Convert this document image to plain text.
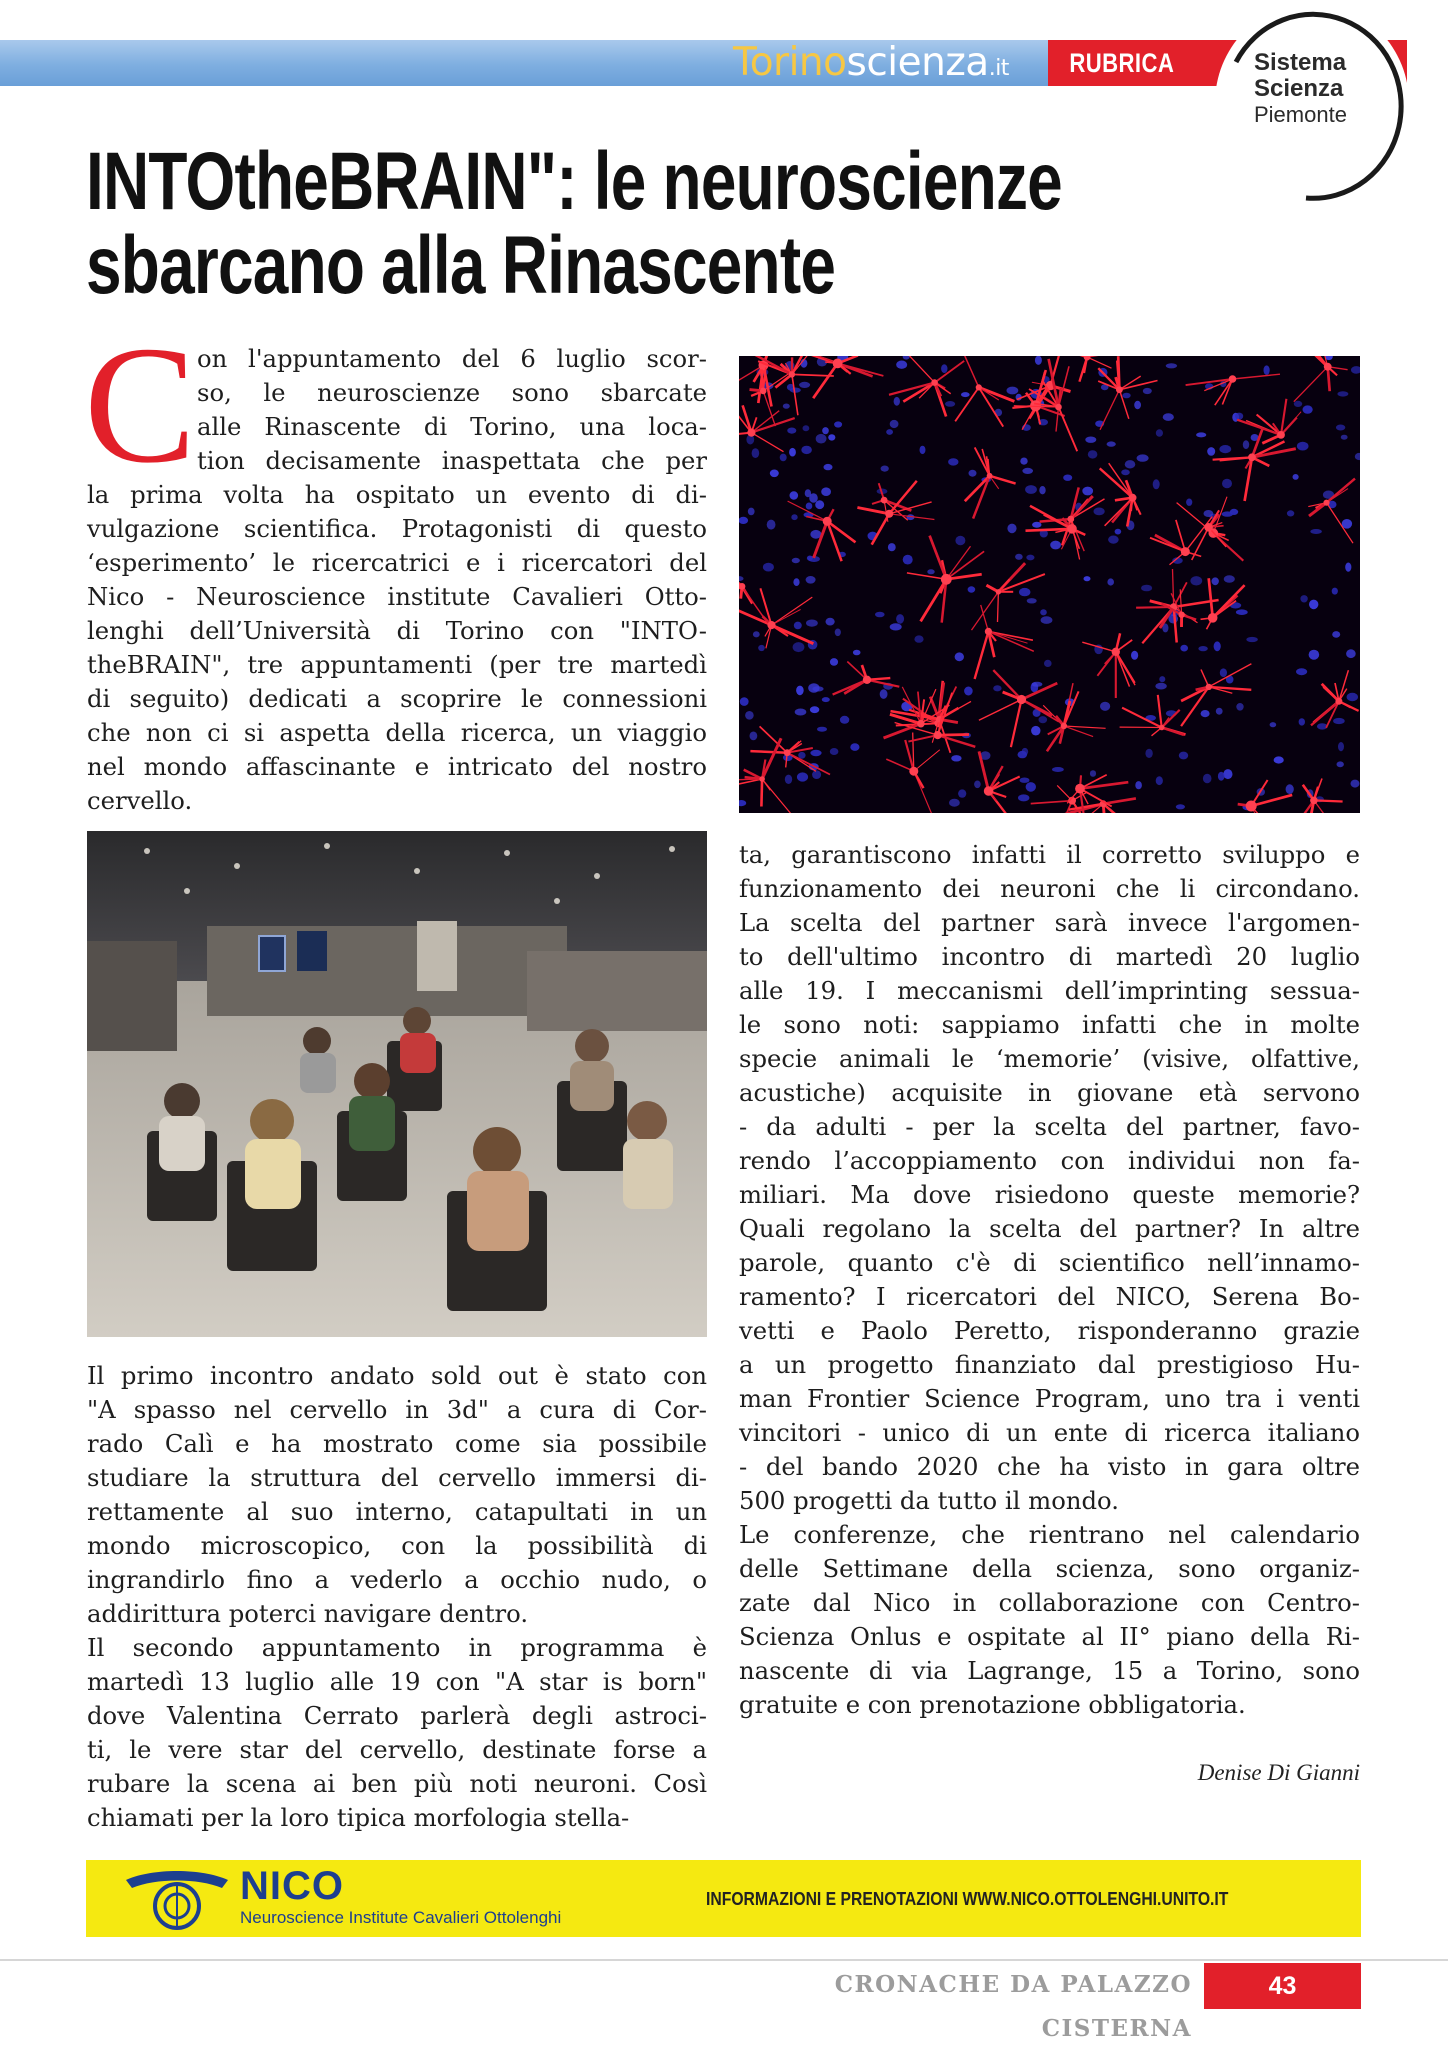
Torinoscienza.it	RUBRICA	Sistema
Scienza
Piemonte
INTOtheBRAIN": le neuroscienze
sbarcano alla Rinascente
C on l'appuntamento del 6 luglio scor-
so, le neuroscienze sono sbarcate
alle Rinascente di Torino, una loca-
tion decisamente inaspettata che per
la prima volta ha ospitato un evento di di-
vulgazione scientifica. Protagonisti di questo
‘esperimento’ le ricercatrici e i ricercatori del
Nico - Neuroscience institute Cavalieri Otto-
lenghi dell’Università di Torino con "INTO-
theBRAIN", tre appuntamenti (per tre martedì
di seguito) dedicati a scoprire le connessioni
che non ci si aspetta della ricerca, un viaggio
nel mondo affascinante e intricato del nostro
cervello.
Il primo incontro andato sold out è stato con
"A spasso nel cervello in 3d" a cura di Cor-
rado Calì e ha mostrato come sia possibile
studiare la struttura del cervello immersi di-
rettamente al suo interno, catapultati in un
mondo microscopico, con la possibilità di
ingrandirlo fino a vederlo a occhio nudo, o
addirittura poterci navigare dentro.
Il secondo appuntamento in programma è
martedì 13 luglio alle 19 con "A star is born"
dove Valentina Cerrato parlerà degli astroci-
ti, le vere star del cervello, destinate forse a
rubare la scena ai ben più noti neuroni. Così
chiamati per la loro tipica morfologia stella-
ta, garantiscono infatti il corretto sviluppo e
funzionamento dei neuroni che li circondano.
La scelta del partner sarà invece l'argomen-
to dell'ultimo incontro di martedì 20 luglio
alle 19. I meccanismi dell’imprinting sessua-
le sono noti: sappiamo infatti che in molte
specie animali le ‘memorie’ (visive, olfattive,
acustiche) acquisite in giovane età servono
- da adulti - per la scelta del partner, favo-
rendo l’accoppiamento con individui non fa-
miliari. Ma dove risiedono queste memorie?
Quali regolano la scelta del partner? In altre
parole, quanto c'è di scientifico nell’innamo-
ramento? I ricercatori del NICO, Serena Bo-
vetti e Paolo Peretto, risponderanno grazie
a un progetto finanziato dal prestigioso Hu-
man Frontier Science Program, uno tra i venti
vincitori - unico di un ente di ricerca italiano
- del bando 2020 che ha visto in gara oltre
500 progetti da tutto il mondo.
Le conferenze, che rientrano nel calendario
delle Settimane della scienza, sono organiz-
zate dal Nico in collaborazione con Centro-
Scienza Onlus e ospitate al II° piano della Ri-
nascente di via Lagrange, 15 a Torino, sono
gratuite e con prenotazione obbligatoria.
Denise Di Gianni
NICO
Neuroscience Institute Cavalieri Ottolenghi
INFORMAZIONI E PRENOTAZIONI WWW.NICO.OTTOLENGHI.UNITO.IT
CRONACHE DA PALAZZO CISTERNA
43
